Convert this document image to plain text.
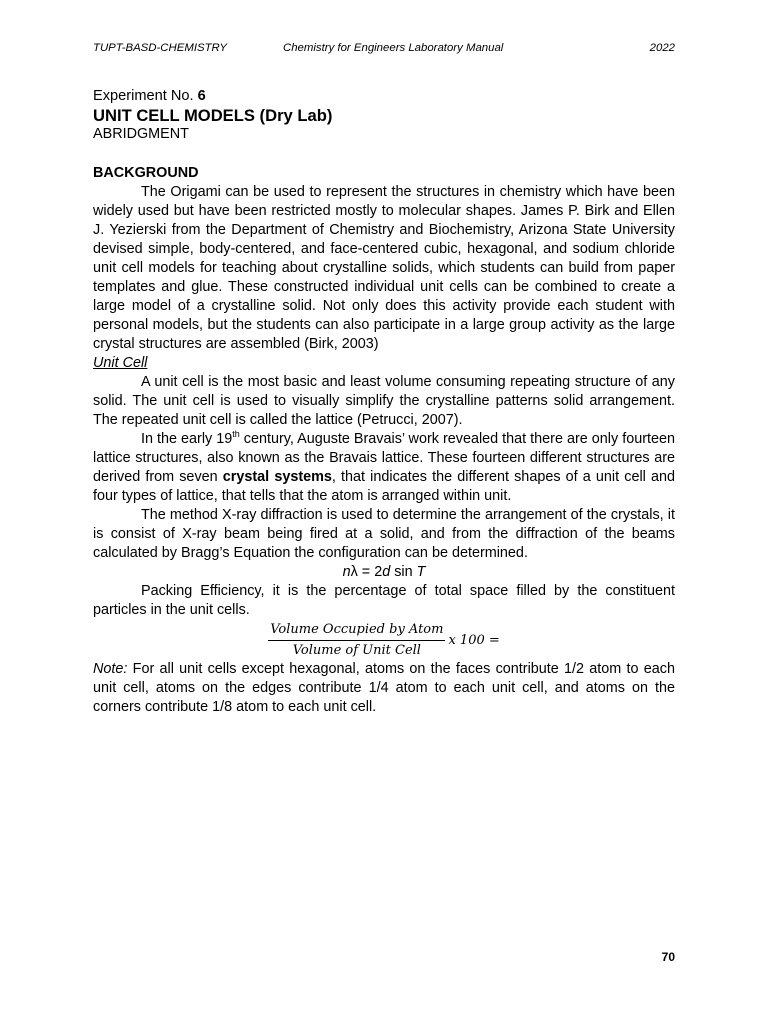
TUPT-BASD-CHEMISTRY	Chemistry for Engineers Laboratory Manual	2022

Experiment No. 6

UNIT CELL MODELS (Dry Lab)

ABRIDGMENT

BACKGROUND

The Origami can be used to represent the structures in chemistry which have been widely used but have been restricted mostly to molecular shapes. James P. Birk and Ellen J. Yezierski from the Department of Chemistry and Biochemistry, Arizona State University devised simple, body-centered, and face-centered cubic, hexagonal, and sodium chloride unit cell models for teaching about crystalline solids, which students can build from paper templates and glue. These constructed individual unit cells can be combined to create a large model of a crystalline solid. Not only does this activity provide each student with personal models, but the students can also participate in a large group activity as the large crystal structures are assembled (Birk, 2003)

Unit Cell

A unit cell is the most basic and least volume consuming repeating structure of any solid. The unit cell is used to visually simplify the crystalline patterns solid arrangement. The repeated unit cell is called the lattice (Petrucci, 2007).

In the early 19th century, Auguste Bravais’ work revealed that there are only fourteen lattice structures, also known as the Bravais lattice. These fourteen different structures are derived from seven crystal systems, that indicates the different shapes of a unit cell and four types of lattice, that tells that the atom is arranged within unit.

The method X-ray diffraction is used to determine the arrangement of the crystals, it is consist of X-ray beam being fired at a solid, and from the diffraction of the beams calculated by Bragg’s Equation the configuration can be determined.

nλ = 2d sin T

Packing Efficiency, it is the percentage of total space filled by the constituent particles in the unit cells.

$\frac{\text{Volume Occupied by Atom}}{\text{Volume of Unit Cell}}$ x 100 =

Note: For all unit cells except hexagonal, atoms on the faces contribute 1/2 atom to each unit cell, atoms on the edges contribute 1/4 atom to each unit cell, and atoms on the corners contribute 1/8 atom to each unit cell.

70
